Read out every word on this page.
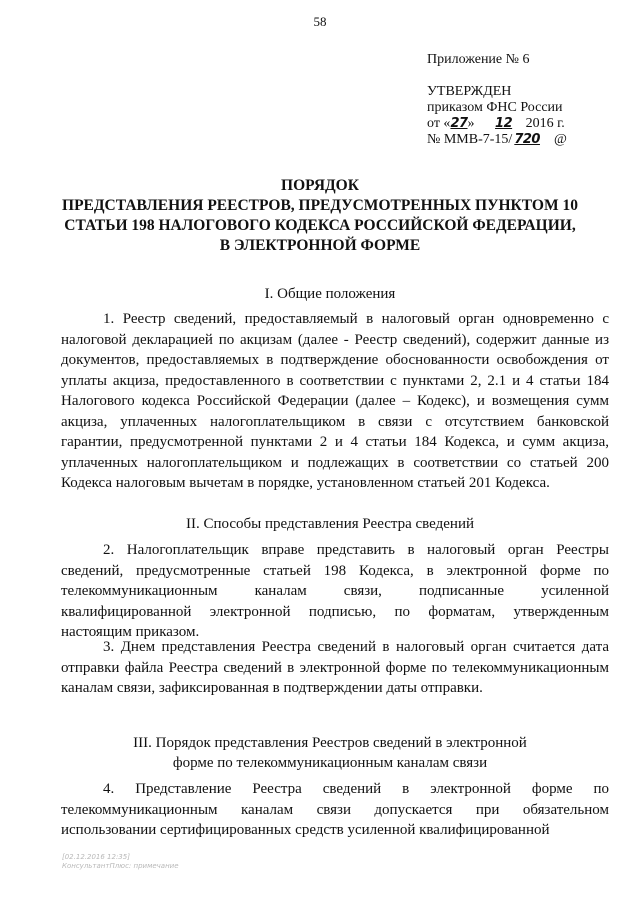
58
Приложение № 6
УТВЕРЖДЕН
приказом ФНС России
от «27» 12 2016 г.
№ ММВ-7-15/ 720 @
ПОРЯДОК
ПРЕДСТАВЛЕНИЯ РЕЕСТРОВ, ПРЕДУСМОТРЕННЫХ ПУНКТОМ 10
СТАТЬИ 198 НАЛОГОВОГО КОДЕКСА РОССИЙСКОЙ ФЕДЕРАЦИИ,
В ЭЛЕКТРОННОЙ ФОРМЕ
I. Общие положения

1. Реестр сведений, предоставляемый в налоговый орган одновременно с налоговой декларацией по акцизам (далее - Реестр сведений), содержит данные из документов, предоставляемых в подтверждение обоснованности освобождения от уплаты акциза, предоставленного в соответствии с пунктами 2, 2.1 и 4 статьи 184 Налогового кодекса Российской Федерации (далее – Кодекс), и возмещения сумм акциза, уплаченных налогоплательщиком в связи с отсутствием банковской гарантии, предусмотренной пунктами 2 и 4 статьи 184 Кодекса, и сумм акциза, уплаченных налогоплательщиком и подлежащих в соответствии со статьей 200 Кодекса налоговым вычетам в порядке, установленном статьей 201 Кодекса.

II. Способы представления Реестра сведений

2. Налогоплательщик вправе представить в налоговый орган Реестры сведений, предусмотренные статьей 198 Кодекса, в электронной форме по телекоммуникационным каналам связи, подписанные усиленной квалифицированной электронной подписью, по форматам, утвержденным настоящим приказом.

3. Днем представления Реестра сведений в налоговый орган считается дата отправки файла Реестра сведений в электронной форме по телекоммуникационным каналам связи, зафиксированная в подтверждении даты отправки.

III. Порядок представления Реестров сведений в электронной
форме по телекоммуникационным каналам связи

4. Представление Реестра сведений в электронной форме по телекоммуникационным каналам связи допускается при обязательном использовании сертифицированных средств усиленной квалифицированной

[02.12.2016 12:35]
КонсультантПлюс: примечание
